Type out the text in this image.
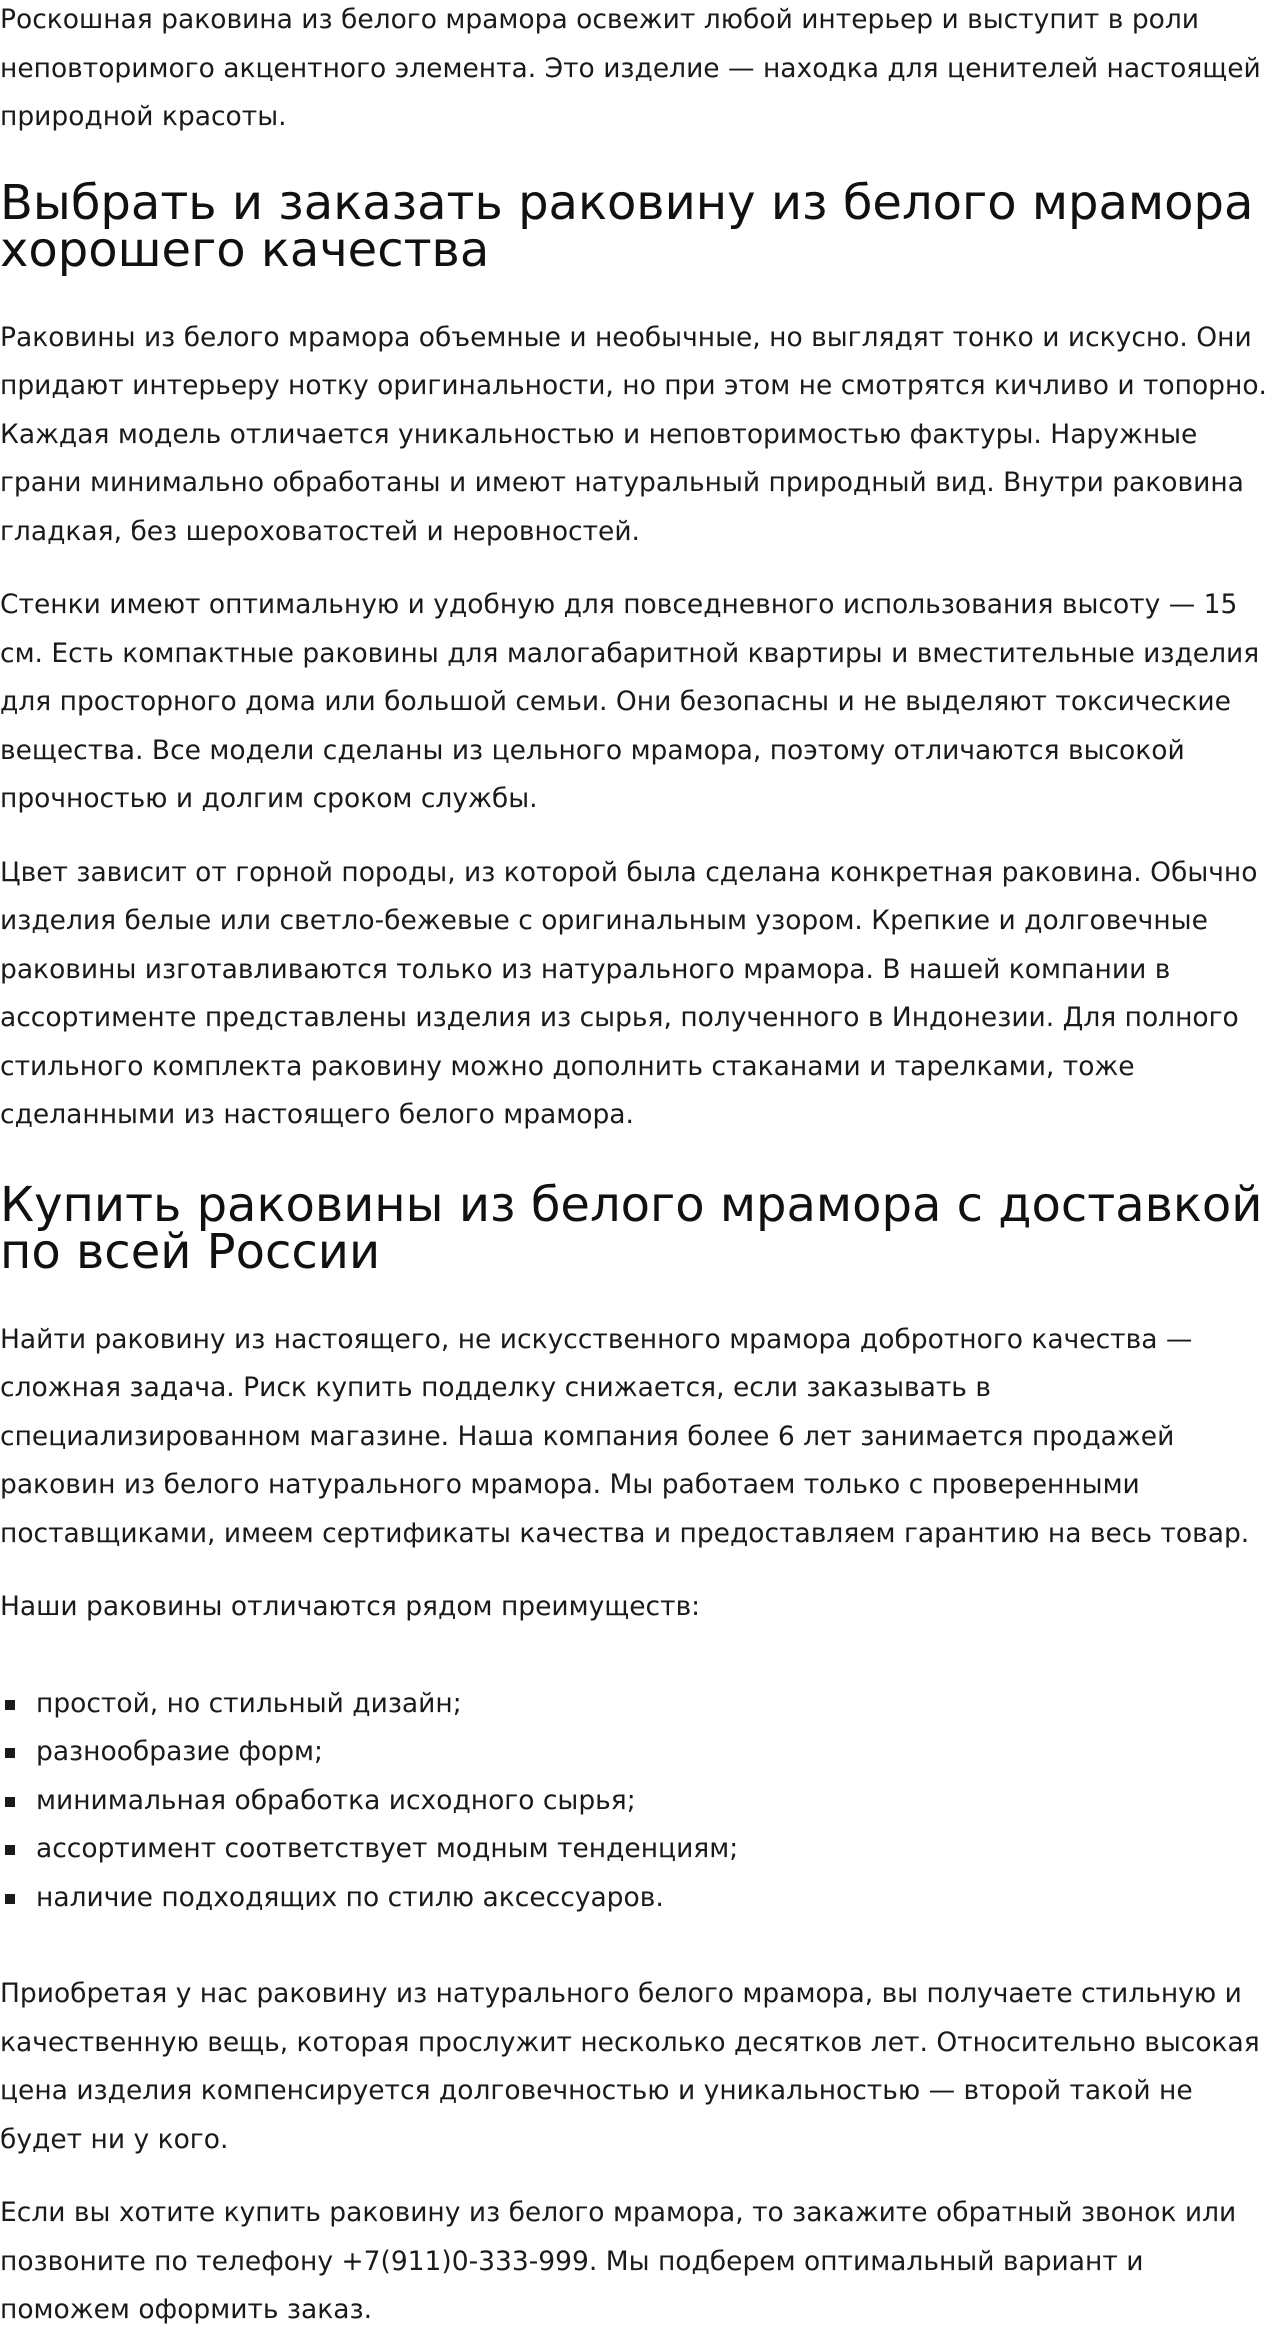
Роскошная раковина из белого мрамора освежит любой интерьер и выступит в роли неповторимого акцентного элемента. Это изделие — находка для ценителей настоящей природной красоты.

Выбрать и заказать раковину из белого мрамора хорошего качества

Раковины из белого мрамора объемные и необычные, но выглядят тонко и искусно. Они придают интерьеру нотку оригинальности, но при этом не смотрятся кичливо и топорно. Каждая модель отличается уникальностью и неповторимостью фактуры. Наружные грани минимально обработаны и имеют натуральный природный вид. Внутри раковина гладкая, без шероховатостей и неровностей.

Стенки имеют оптимальную и удобную для повседневного использования высоту — 15 см. Есть компактные раковины для малогабаритной квартиры и вместительные изделия для просторного дома или большой семьи. Они безопасны и не выделяют токсические вещества. Все модели сделаны из цельного мрамора, поэтому отличаются высокой прочностью и долгим сроком службы.

Цвет зависит от горной породы, из которой была сделана конкретная раковина. Обычно изделия белые или светло-бежевые с оригинальным узором. Крепкие и долговечные раковины изготавливаются только из натурального мрамора. В нашей компании в ассортименте представлены изделия из сырья, полученного в Индонезии. Для полного стильного комплекта раковину можно дополнить стаканами и тарелками, тоже сделанными из настоящего белого мрамора.

Купить раковины из белого мрамора с доставкой по всей России

Найти раковину из настоящего, не искусственного мрамора добротного качества — сложная задача. Риск купить подделку снижается, если заказывать в специализированном магазине. Наша компания более 6 лет занимается продажей раковин из белого натурального мрамора. Мы работаем только с проверенными поставщиками, имеем сертификаты качества и предоставляем гарантию на весь товар.

Наши раковины отличаются рядом преимуществ:

простой, но стильный дизайн;
разнообразие форм;
минимальная обработка исходного сырья;
ассортимент соответствует модным тенденциям;
наличие подходящих по стилю аксессуаров.

Приобретая у нас раковину из натурального белого мрамора, вы получаете стильную и качественную вещь, которая прослужит несколько десятков лет. Относительно высокая цена изделия компенсируется долговечностью и уникальностью — второй такой не будет ни у кого.

Если вы хотите купить раковину из белого мрамора, то закажите обратный звонок или позвоните по телефону +7(911)0-333-999. Мы подберем оптимальный вариант и поможем оформить заказ.
